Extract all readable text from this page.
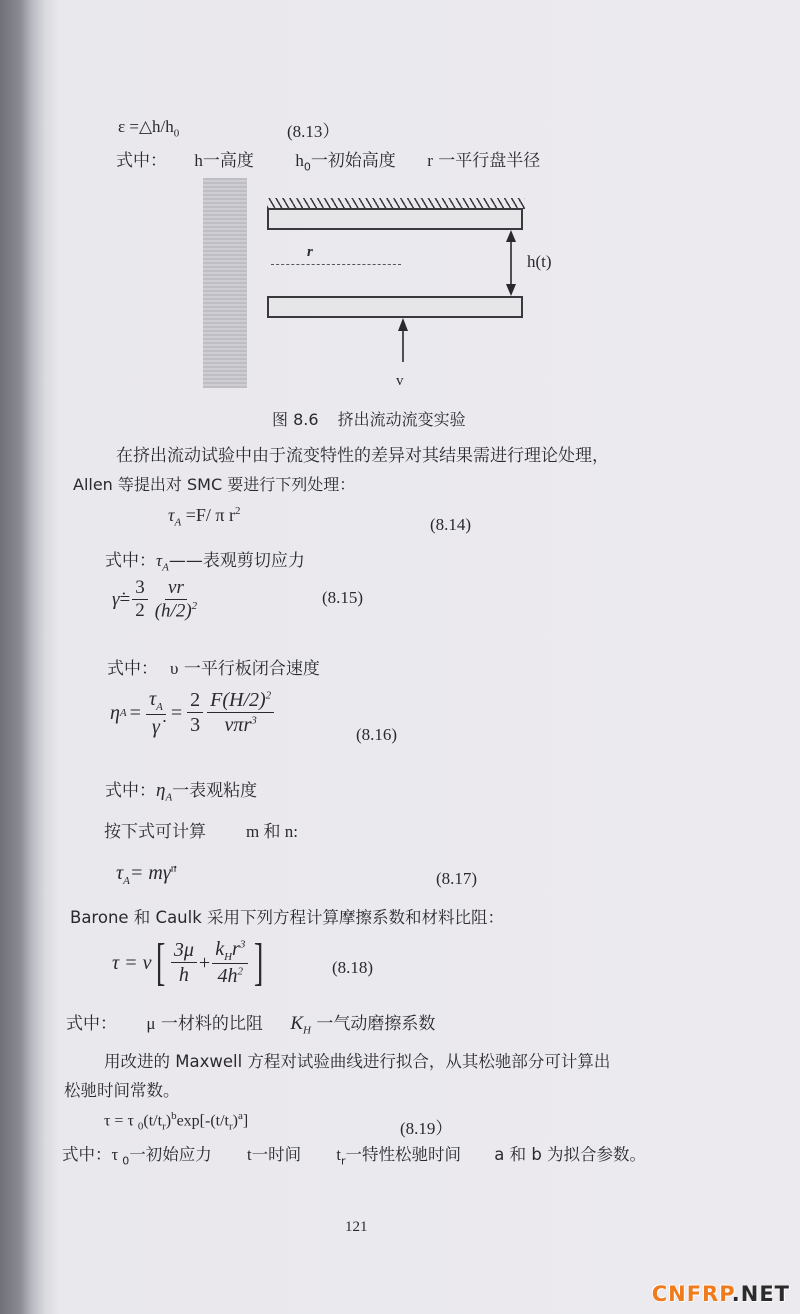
$\varepsilon =\triangle h/h_0$	(8.13）
式中： h一高度 $h_0$一初始高度 r 一平行盘半径
r	h(t)
v
图 8.6 挤出流动流变实验
在挤出流动试验中由于流变特性的差异对其结果需进行理论处理，
Allen 等提出对 SMC 要进行下列处理：
$\tau_A =F/$ π $r^2$
(8.14)
式中：$\tau_A——$表观剪切应力
γ̇ = $\frac{3}{2} \frac{vr}{(h/2)^2}$	(8.15)
式中： υ 一平行板闭合速度
η $A = \frac{\tau_A}{\gammȧ} = \frac{2}{3} \frac{F(H/2)^2}{v\pi r^3}$	(8.16)
式中：$\eta_A$一表观粘度
按下式可计算 m 和 n:
$\tau_A=$ mγ̇$^n$
(8.17)
Barone 和 Caulk 采用下列方程计算摩擦系数和材料比阻：
τ = v [ $\frac{3\mu}{h} + \frac{k_Hr^3}{4h^2}$ ]	(8.18)
式中： μ 一材料的比阻 $K_H$ 一气动磨擦系数
用改进的 Maxwell 方程对试验曲线进行拟合，从其松驰部分可计算出
松驰时间常数。
τ = τ $_0(t/t_r)^b\exp[-(t/t_r)^a]$	(8.19）
式中：τ $_0$一初始应力 t一时间 $t_r$一特性松驰时间 a 和 b 为拟合参数。
121
CNFRP.NET
